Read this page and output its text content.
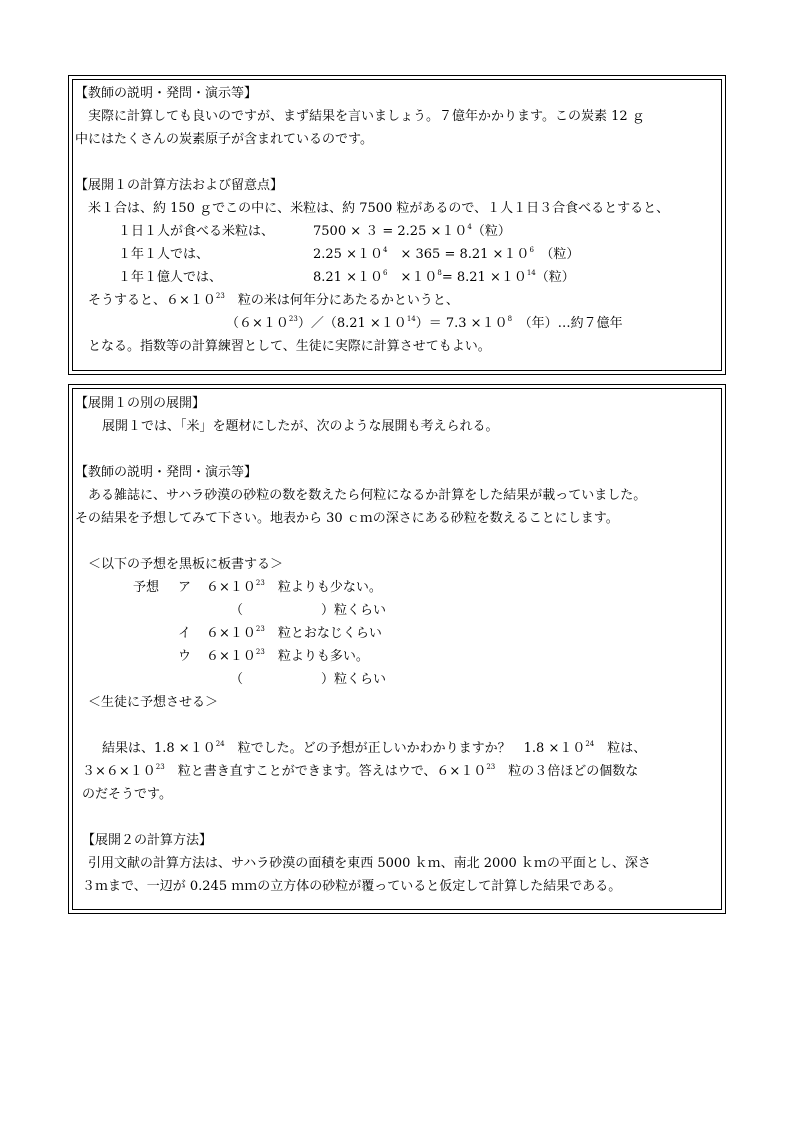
【教師の説明・発問・演示等】
実際に計算しても良いのですが、まず結果を言いましょう。７億年かかります。この炭素 12 ｇ
中にはたくさんの炭素原子が含まれているのです。
【展開１の計算方法および留意点】
米１合は、約 150 ｇでこの中に、米粒は、約 7500 粒があるので、１人１日３合食べるとすると、
１日１人が食べる米粒は、	$7500 \times 3 = 2.25 \times 10^4$（粒）
１年１人では、	$2.25 \times 10^4$　 × $365 = 8.21 \times 10^6$　 （粒）
１年１億人では、	$8.21 \times 10^6$　 $\times 10^8= 8.21 \times 10^{14}$（粒）
そうすると、$6\times 10^{23}$　 粒の米は何年分にあたるかというと、
$(6\times 10^{23})/(8.21 \times 10^{14})= 7.3 \times 10^8$　 （年）…約７億年
となる。指数等の計算練習として、生徒に実際に計算させてもよい。
【展開１の別の展開】
展開１では、「米」を題材にしたが、次のような展開も考えられる。
【教師の説明・発問・演示等】
ある雑誌に、サハラ砂漠の砂粒の数を数えたら何粒になるか計算をした結果が載っていました。
その結果を予想してみて下さい。地表から 30 ｃｍの深さにある砂粒を数えることにします。
＜以下の予想を黒板に板書する＞
予想 ア $6\times 10^{23}$　 粒よりも少ない。
（　　　　　　）粒くらい
イ $6\times 10^{23}$　 粒とおなじくらい
ウ $6\times 10^{23}$　 粒よりも多い。
（　　　　　　）粒くらい
＜生徒に予想させる＞
結果は、$1.8 \times 10^{24}$　 粒でした。どの予想が正しいかわかりますか？　$1.8 \times 10^{24}$　 粒は、
$3\times 6\times 10^{23}$　 粒と書き直すことができます。答えはウで、$6\times 10^{23}$　 粒の３倍ほどの個数な
のだそうです。
【展開２の計算方法】
引用文献の計算方法は、サハラ砂漠の面積を東西 5000 ｋｍ、南北 2000 ｋｍの平面とし、深さ
３ｍまで、一辺が 0.245 ｍｍの立方体の砂粒が覆っていると仮定して計算した結果である。
